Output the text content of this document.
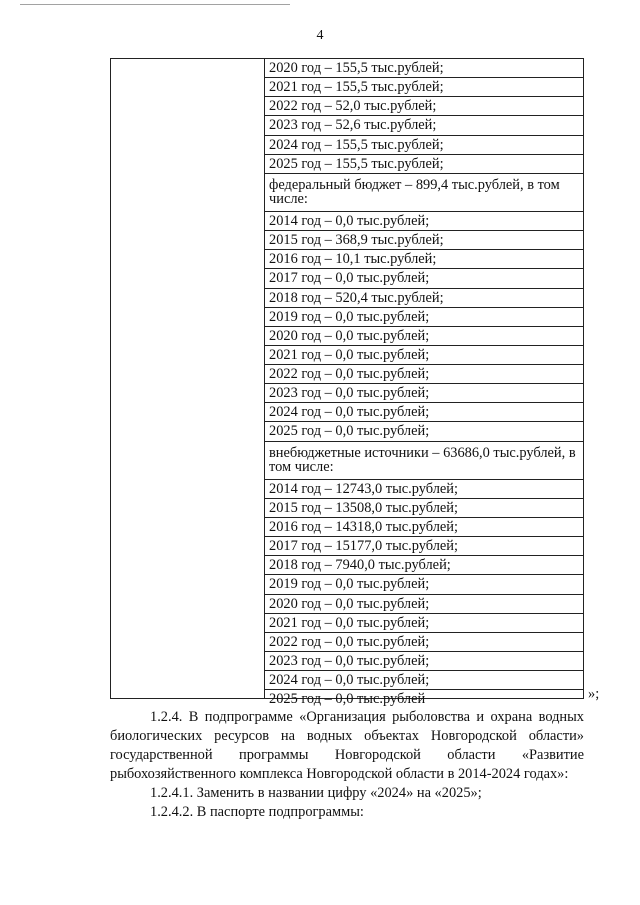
4
2020 год – 155,5 тыс.рублей;
2021 год – 155,5 тыс.рублей;
2022 год – 52,0 тыс.рублей;
2023 год – 52,6 тыс.рублей;
2024 год – 155,5 тыс.рублей;
2025 год – 155,5 тыс.рублей;
федеральный бюджет – 899,4 тыс.рублей, в том числе:
2014 год – 0,0 тыс.рублей;
2015 год – 368,9 тыс.рублей;
2016 год – 10,1 тыс.рублей;
2017 год – 0,0 тыс.рублей;
2018 год – 520,4 тыс.рублей;
2019 год – 0,0 тыс.рублей;
2020 год – 0,0 тыс.рублей;
2021 год – 0,0 тыс.рублей;
2022 год – 0,0 тыс.рублей;
2023 год – 0,0 тыс.рублей;
2024 год – 0,0 тыс.рублей;
2025 год – 0,0 тыс.рублей;
внебюджетные источники – 63686,0 тыс.рублей, в том числе:
2014 год – 12743,0 тыс.рублей;
2015 год – 13508,0 тыс.рублей;
2016 год – 14318,0 тыс.рублей;
2017 год – 15177,0 тыс.рублей;
2018 год – 7940,0 тыс.рублей;
2019 год – 0,0 тыс.рублей;
2020 год – 0,0 тыс.рублей;
2021 год – 0,0 тыс.рублей;
2022 год – 0,0 тыс.рублей;
2023 год – 0,0 тыс.рублей;
2024 год – 0,0 тыс.рублей;
2025 год – 0,0 тыс.рублей	»;

1.2.4. В подпрограмме «Организация рыболовства и охрана водных биологических ресурсов на водных объектах Новгородской области» государственной программы Новгородской области «Развитие рыбохозяйственного комплекса Новгородской области в 2014-2024 годах»:

1.2.4.1. Заменить в названии цифру «2024» на «2025»;

1.2.4.2. В паспорте подпрограммы:
